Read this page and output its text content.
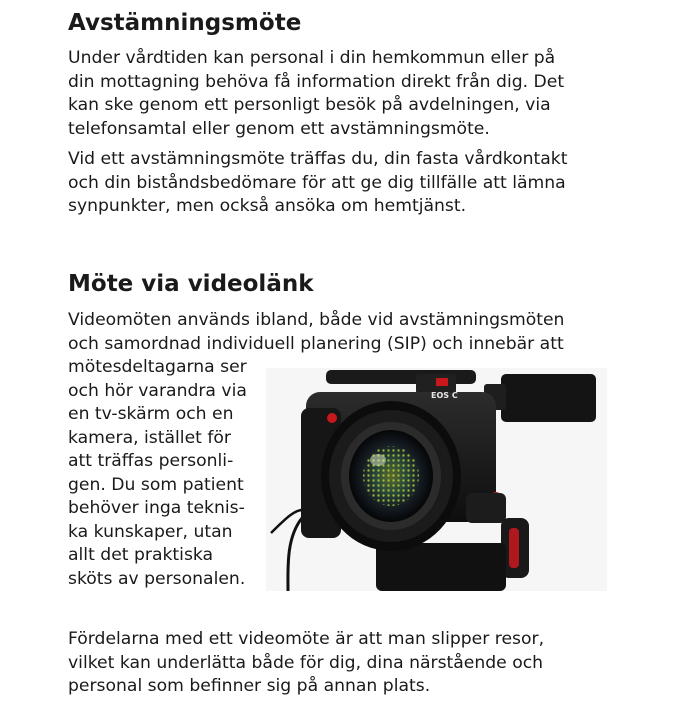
Avstämningsmöte

Under vårdtiden kan personal i din hemkommun eller på
din mottagning behöva få information direkt från dig. Det
kan ske genom ett personligt besök på avdelningen, via
telefonsamtal eller genom ett avstämningsmöte.

Vid ett avstämningsmöte träffas du, din fasta vårdkontakt
och din biståndsbedömare för att ge dig tillfälle att lämna
synpunkter, men också ansöka om hemtjänst.

Möte via videolänk

Videomöten används ibland, både vid avstämningsmöten
och samordnad individuell planering (SIP) och innebär att

mötesdeltagarna ser
och hör varandra via
en tv-skärm och en
kamera, istället för
att träffas personli-
gen. Du som patient
behöver inga teknis-
ka kunskaper, utan
allt det praktiska
sköts av personalen.

EOS C

Fördelarna med ett videomöte är att man slipper resor,
vilket kan underlätta både för dig, dina närstående och
personal som befinner sig på annan plats.
